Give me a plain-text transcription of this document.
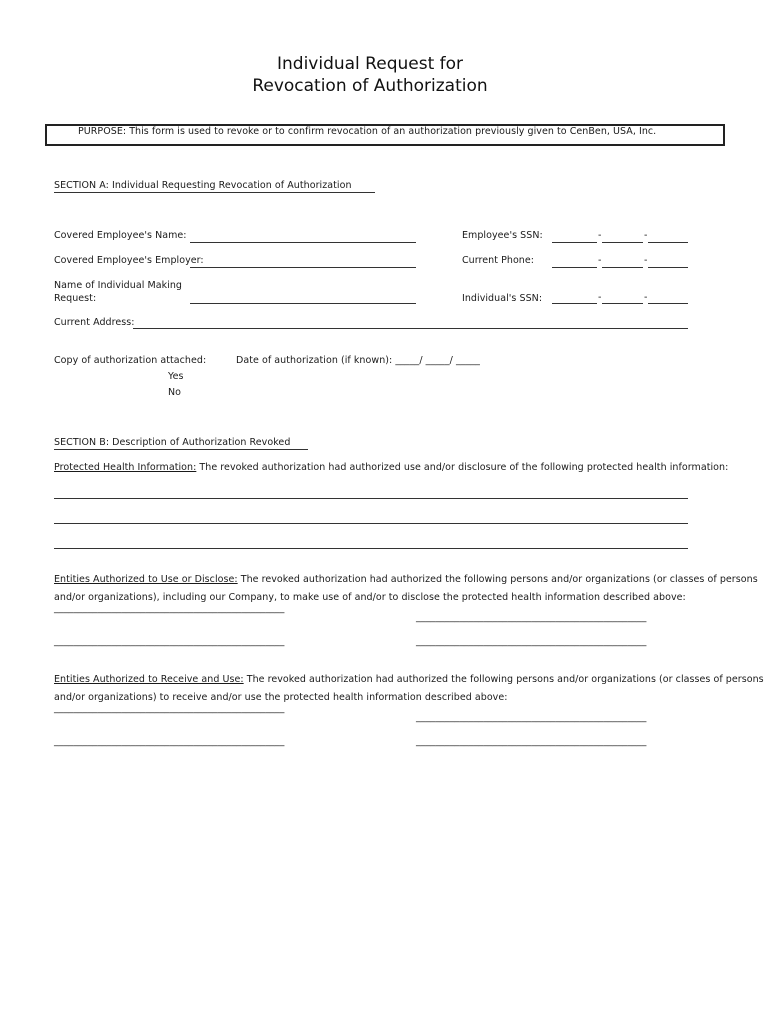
Individual Request for
Revocation of Authorization
PURPOSE: This form is used to revoke or to confirm revocation of an authorization previously given to CenBen, USA, Inc.
SECTION A: Individual Requesting Revocation of Authorization
Covered Employee's Name:	Employee's SSN:	-	-
Covered Employee's Employer:	Current Phone:	-	-
Name of Individual Making
Request:	Individual's SSN:	-	-
Current Address:
Copy of authorization attached:	Date of authorization (if known): _____/ _____/ _____
Yes
No
SECTION B: Description of Authorization Revoked
Protected Health Information: The revoked authorization had authorized use and/or disclosure of the following protected health information:
Entities Authorized to Use or Disclose: The revoked authorization had authorized the following persons and/or organizations (or classes of persons
and/or organizations), including our Company, to make use of and/or to disclose the protected health information described above:
________________________________________________
________________________________________________
________________________________________________	________________________________________________
Entities Authorized to Receive and Use: The revoked authorization had authorized the following persons and/or organizations (or classes of persons
and/or organizations) to receive and/or use the protected health information described above:
________________________________________________
________________________________________________
________________________________________________	________________________________________________
